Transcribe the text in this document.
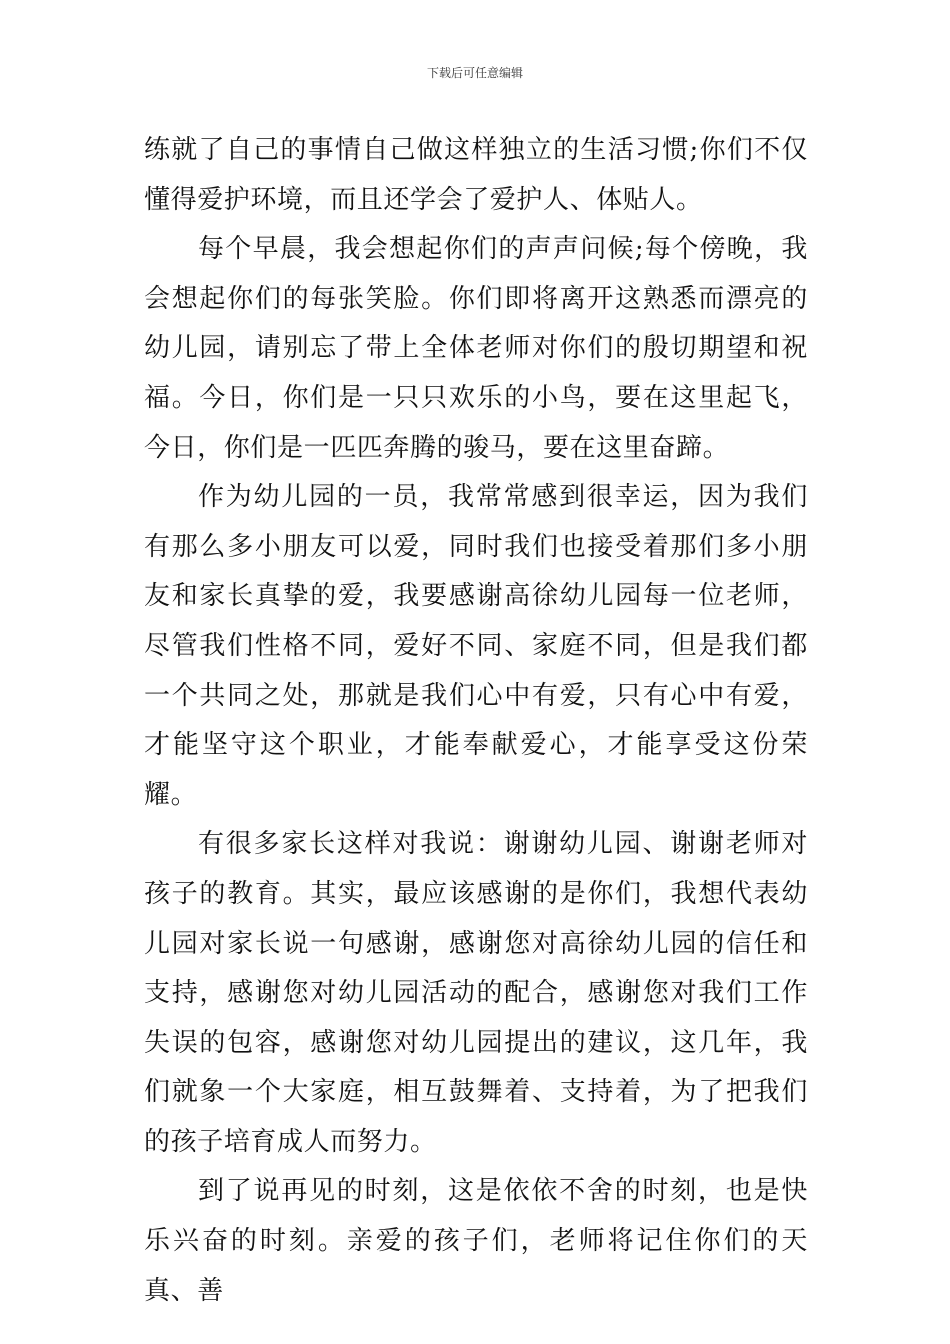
下载后可任意编辑

练就了自己的事情自己做这样独立的生活习惯;你们不仅懂得爱护环境，而且还学会了爱护人、体贴人。

每个早晨，我会想起你们的声声问候;每个傍晚，我会想起你们的每张笑脸。你们即将离开这熟悉而漂亮的幼儿园，请别忘了带上全体老师对你们的殷切期望和祝福。今日，你们是一只只欢乐的小鸟，要在这里起飞，今日，你们是一匹匹奔腾的骏马，要在这里奋蹄。

作为幼儿园的一员，我常常感到很幸运，因为我们有那么多小朋友可以爱，同时我们也接受着那们多小朋友和家长真挚的爱，我要感谢高徐幼儿园每一位老师，尽管我们性格不同，爱好不同、家庭不同，但是我们都一个共同之处，那就是我们心中有爱，只有心中有爱，才能坚守这个职业，才能奉献爱心，才能享受这份荣耀。

有很多家长这样对我说：谢谢幼儿园、谢谢老师对孩子的教育。其实，最应该感谢的是你们，我想代表幼儿园对家长说一句感谢，感谢您对高徐幼儿园的信任和支持，感谢您对幼儿园活动的配合，感谢您对我们工作失误的包容，感谢您对幼儿园提出的建议，这几年，我们就象一个大家庭，相互鼓舞着、支持着，为了把我们的孩子培育成人而努力。

到了说再见的时刻，这是依依不舍的时刻，也是快乐兴奋的时刻。亲爱的孩子们，老师将记住你们的天真、善
